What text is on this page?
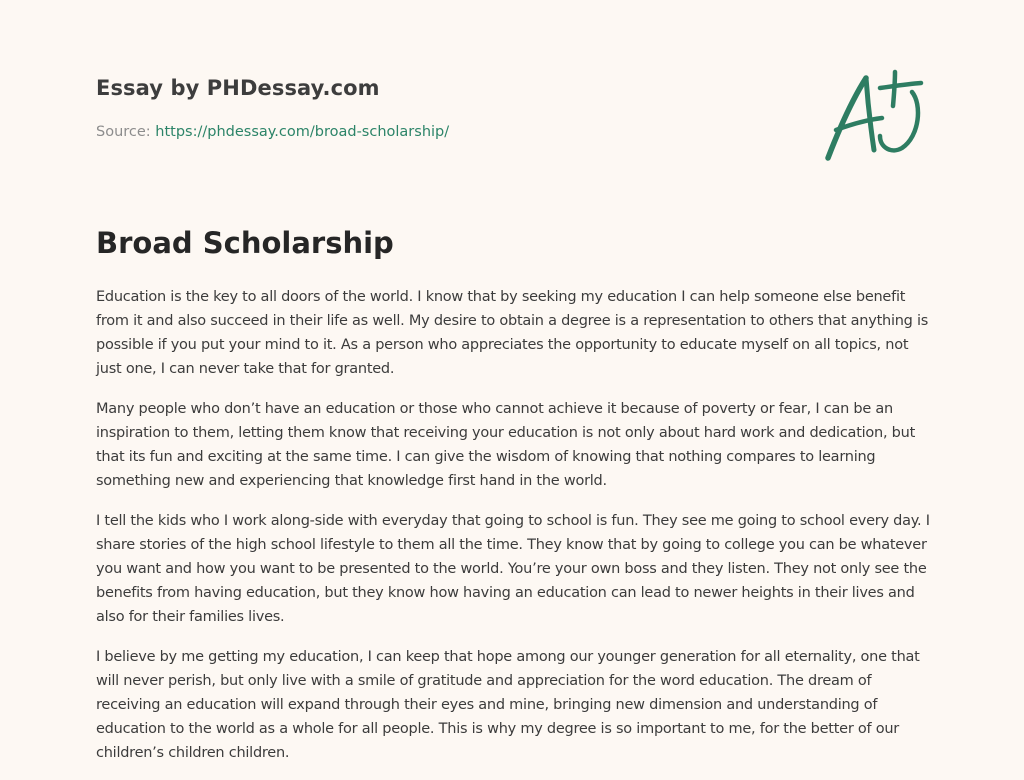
Essay by PHDessay.com
Source: https://phdessay.com/broad-scholarship/
Broad Scholarship

Education is the key to all doors of the world. I know that by seeking my education I can help someone else benefit from it and also succeed in their life as well. My desire to obtain a degree is a representation to others that anything is possible if you put your mind to it. As a person who appreciates the opportunity to educate myself on all topics, not just one, I can never take that for granted.

Many people who don’t have an education or those who cannot achieve it because of poverty or fear, I can be an inspiration to them, letting them know that receiving your education is not only about hard work and dedication, but that its fun and exciting at the same time. I can give the wisdom of knowing that nothing compares to learning something new and experiencing that knowledge first hand in the world.

I tell the kids who I work along-side with everyday that going to school is fun. They see me going to school every day. I share stories of the high school lifestyle to them all the time. They know that by going to college you can be whatever you want and how you want to be presented to the world. You’re your own boss and they listen. They not only see the benefits from having education, but they know how having an education can lead to newer heights in their lives and also for their families lives.

I believe by me getting my education, I can keep that hope among our younger generation for all eternality, one that will never perish, but only live with a smile of gratitude and appreciation for the word education. The dream of receiving an education will expand through their eyes and mine, bringing new dimension and understanding of education to the world as a whole for all people. This is why my degree is so important to me, for the better of our children’s children children.
